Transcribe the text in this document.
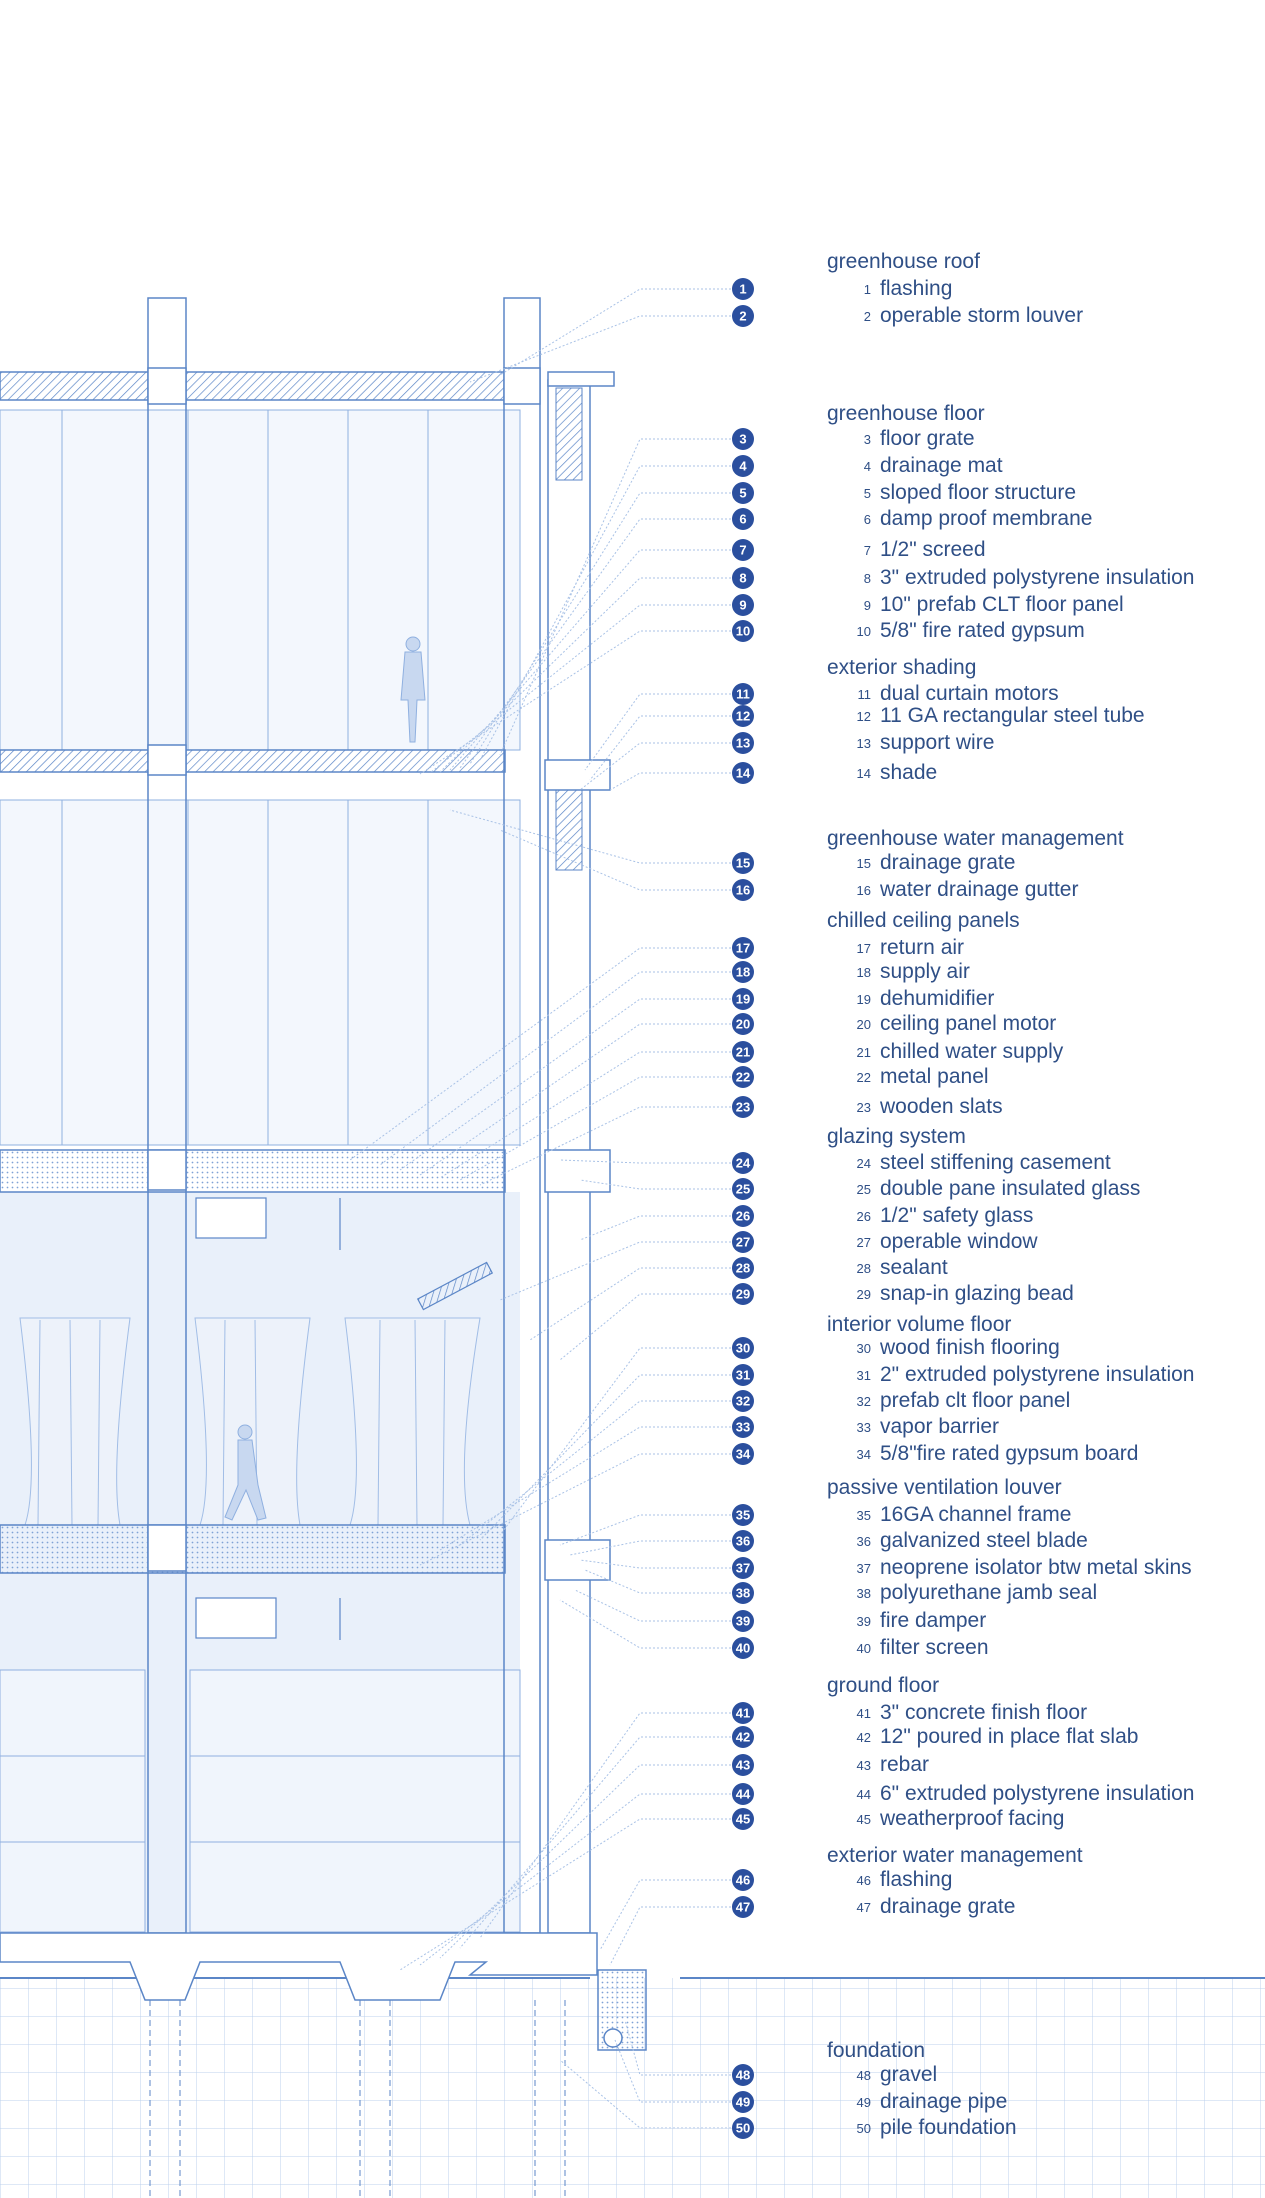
1
2
3
4
5
6
7
8
9
10
11
12
13
14
15
16
17
18
19
20
21
22
23
24
25
26
27
28
29
30
31
32
33
34
35
36
37
38
39
40
41
42
43
44
45
46
47
48
49
50
greenhouse roof
1 flashing
2 operable storm louver
greenhouse floor
3 floor grate
4 drainage mat
5 sloped floor structure
6 damp proof membrane
7 1/2" screed
8 3" extruded polystyrene insulation
9 10" prefab CLT floor panel
10 5/8" fire rated gypsum
exterior shading
11 dual curtain motors
12 11 GA rectangular steel tube
13 support wire
14 shade
greenhouse water management
15 drainage grate
16 water drainage gutter
chilled ceiling panels
17 return air
18 supply air
19 dehumidifier
20 ceiling panel motor
21 chilled water supply
22 metal panel
23 wooden slats
glazing system
24 steel stiffening casement
25 double pane insulated glass
26 1/2" safety glass
27 operable window
28 sealant
29 snap-in glazing bead
interior volume floor
30 wood finish flooring
31 2" extruded polystyrene insulation
32 prefab clt floor panel
33 vapor barrier
34 5/8"fire rated gypsum board
passive ventilation louver
35 16GA channel frame
36 galvanized steel blade
37 neoprene isolator btw metal skins
38 polyurethane jamb seal
39 fire damper
40 filter screen
ground floor
41 3" concrete finish floor
42 12" poured in place flat slab
43 rebar
44 6" extruded polystyrene insulation
45 weatherproof facing
exterior water management
46 flashing
47 drainage grate
foundation
48 gravel
49 drainage pipe
50 pile foundation
